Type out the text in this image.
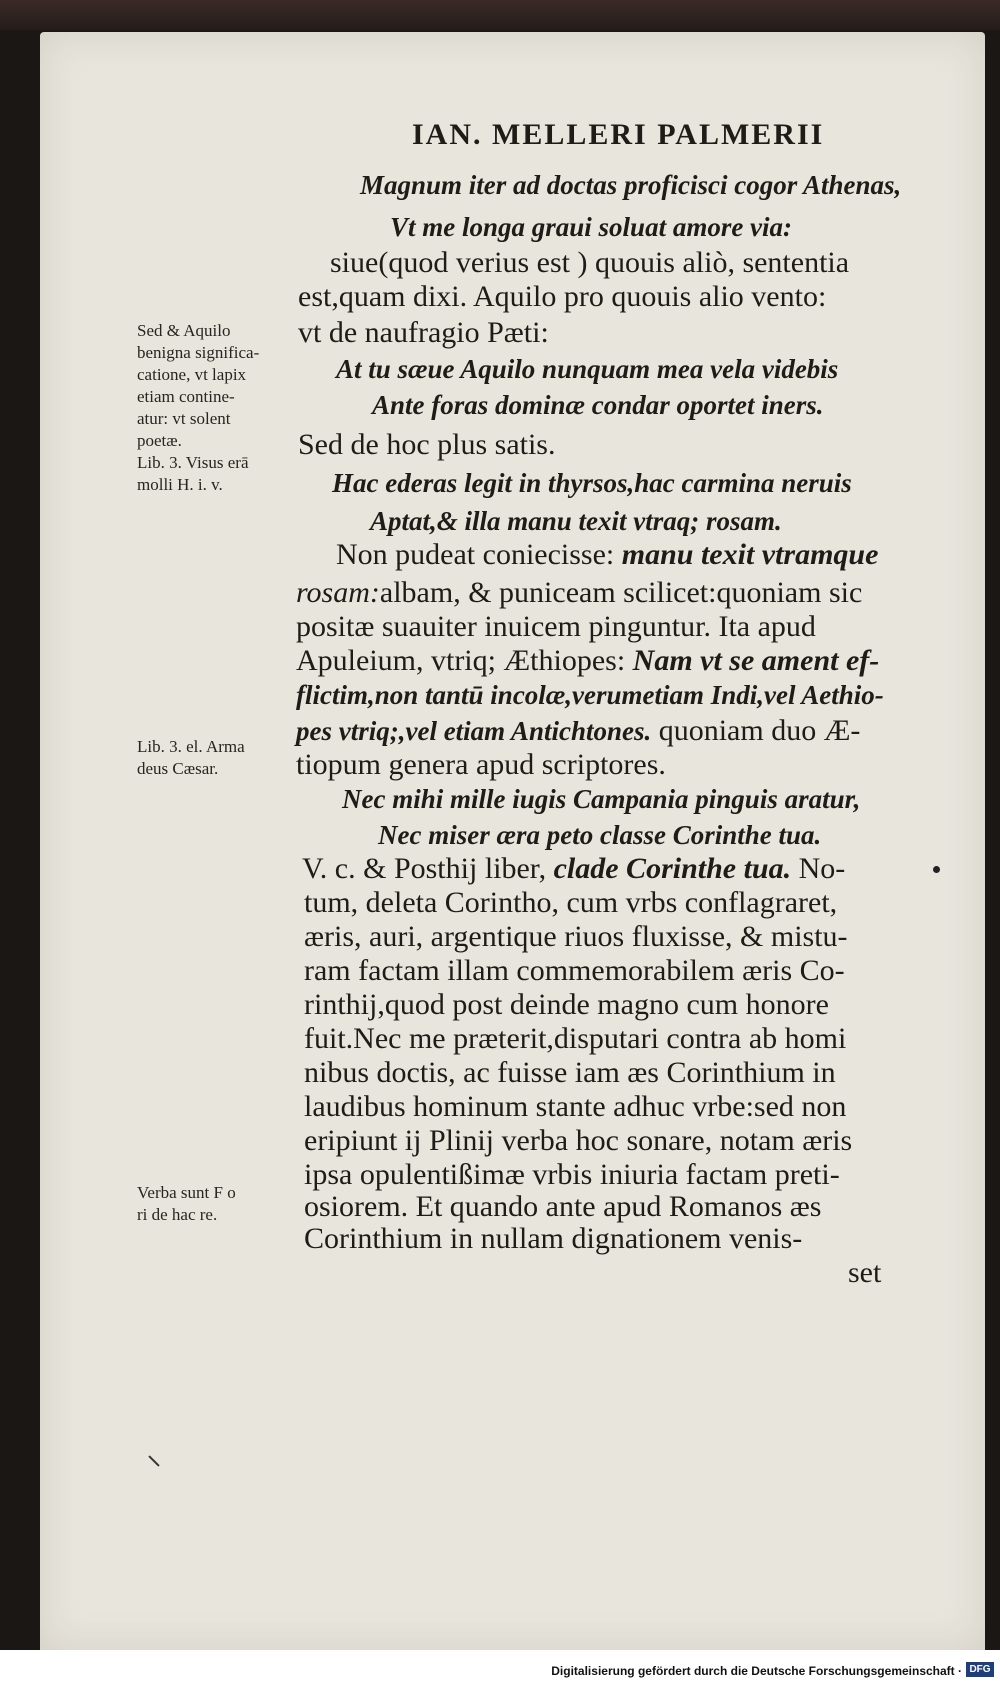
IAN. MELLERI PALMERII
Magnum iter ad doctas proficisci cogor Athenas,
Vt me longa graui soluat amore via:
siue(quod verius est ) quouis aliò, sententia
est,quam dixi. Aquilo pro quouis alio vento:
vt de naufragio Pæti:
At tu sæue Aquilo nunquam mea vela videbis
Ante foras dominæ condar oportet iners.
Sed de hoc plus satis.
Hac ederas legit in thyrsos,hac carmina neruis
Aptat,& illa manu texit vtraq; rosam.
Non pudeat coniecisse: manu texit vtramque
rosam:albam, & puniceam scilicet:quoniam sic
positæ suauiter inuicem pinguntur. Ita apud
Apuleium, vtriq; Æthiopes: Nam vt se ament ef-
flictim,non tantū incolæ,verumetiam Indi,vel Aethio-
pes vtriq;,vel etiam Antichtones. quoniam duo Æ-
tiopum genera apud scriptores.
Nec mihi mille iugis Campania pinguis aratur,
Nec miser æra peto classe Corinthe tua.
V. c. & Posthij liber, clade Corinthe tua. No-
tum, deleta Corintho, cum vrbs conflagraret,
æris, auri, argentique riuos fluxisse, & mistu-
ram factam illam commemorabilem æris Co-
rinthij,quod post deinde magno cum honore
fuit.Nec me præterit,disputari contra ab homi
nibus doctis, ac fuisse iam æs Corinthium in
laudibus hominum stante adhuc vrbe:sed non
eripiunt ij Plinij verba hoc sonare, notam æris
ipsa opulentißimæ vrbis iniuria factam preti-
osiorem. Et quando ante apud Romanos æs
Corinthium in nullam dignationem venis-
set
Sed & Aquilo
benigna significa-
catione, vt lapix
etiam contine-
atur: vt solent
poetæ.
Lib. 3. Visus erā
molli H. i. v.
Lib. 3. el. Arma
deus Cæsar.
Verba sunt F o
ri de hac re.
Digitalisierung gefördert durch die Deutsche Forschungsgemeinschaft · DFG
